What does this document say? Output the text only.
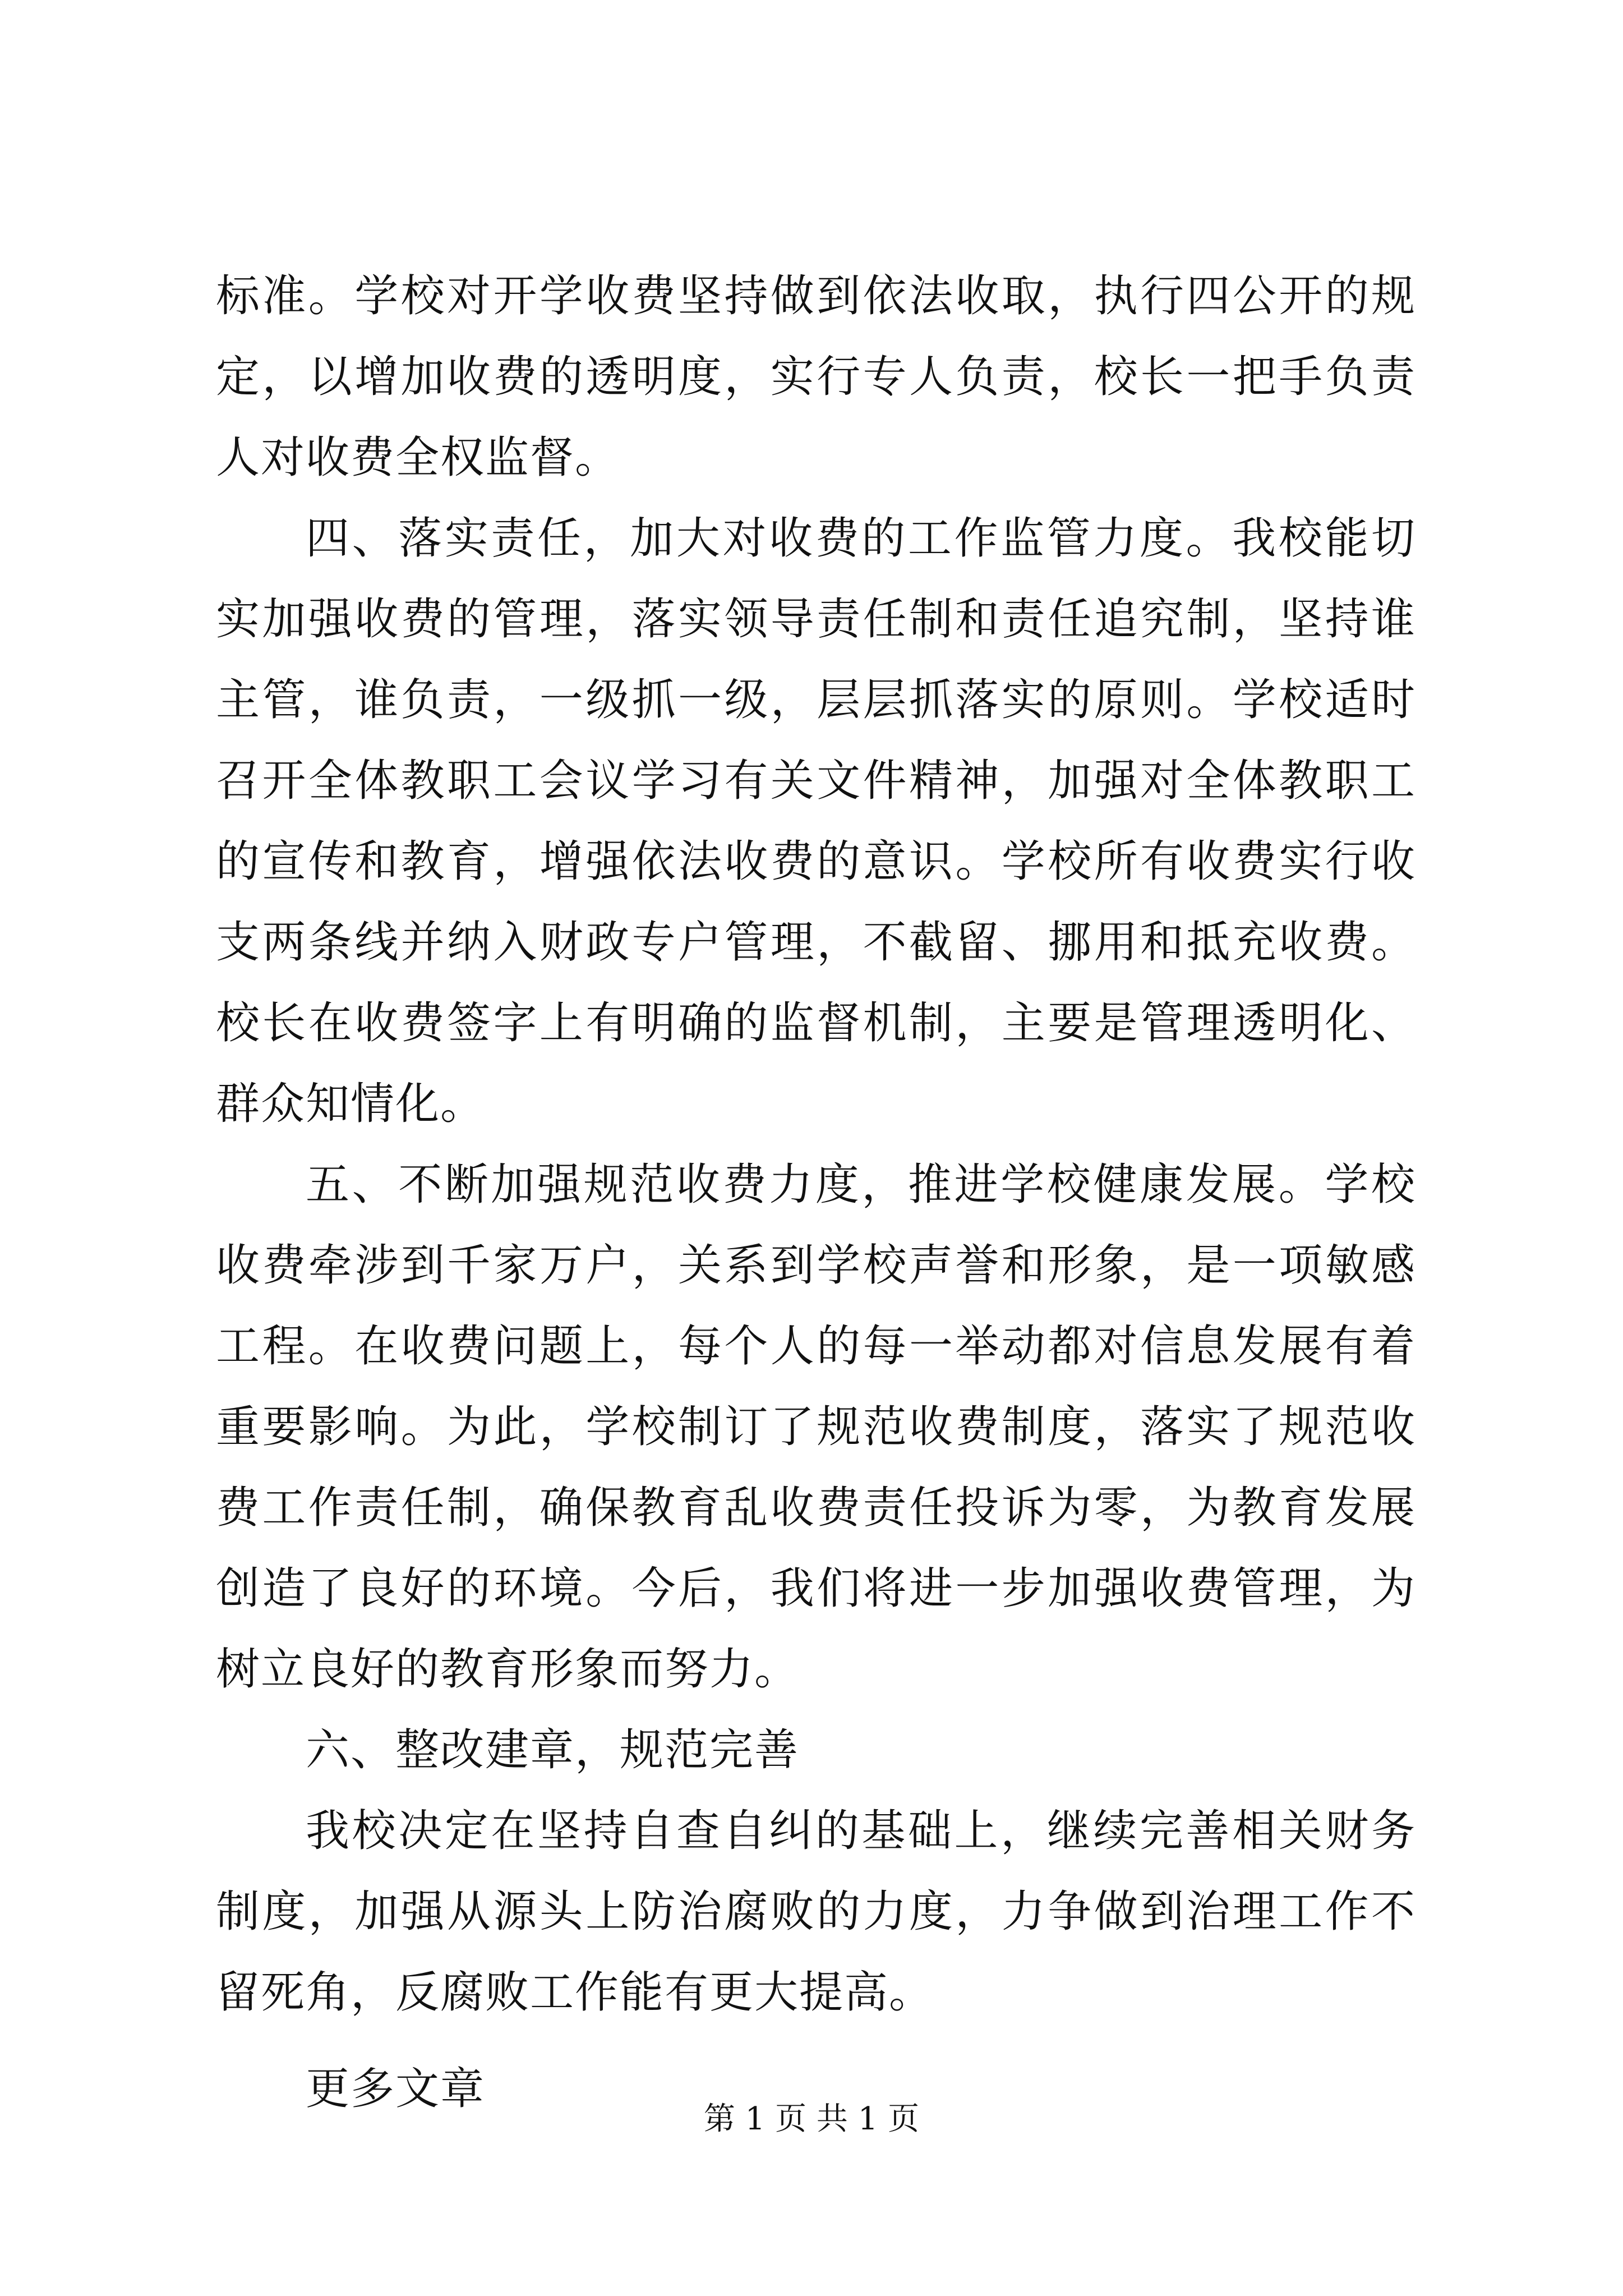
标准。学校对开学收费坚持做到依法收取，执行四公开的规定，以增加收费的透明度，实行专人负责，校长一把手负责人对收费全权监督。

四、落实责任，加大对收费的工作监管力度。我校能切实加强收费的管理，落实领导责任制和责任追究制，坚持谁主管，谁负责，一级抓一级，层层抓落实的原则。学校适时召开全体教职工会议学习有关文件精神，加强对全体教职工的宣传和教育，增强依法收费的意识。学校所有收费实行收支两条线并纳入财政专户管理，不截留、挪用和抵充收费。校长在收费签字上有明确的监督机制，主要是管理透明化、群众知情化。

五、不断加强规范收费力度，推进学校健康发展。学校收费牵涉到千家万户，关系到学校声誉和形象，是一项敏感工程。在收费问题上，每个人的每一举动都对信息发展有着重要影响。为此，学校制订了规范收费制度，落实了规范收费工作责任制，确保教育乱收费责任投诉为零，为教育发展创造了良好的环境。今后，我们将进一步加强收费管理，为树立良好的教育形象而努力。

六、整改建章，规范完善

我校决定在坚持自查自纠的基础上，继续完善相关财务制度，加强从源头上防治腐败的力度，力争做到治理工作不留死角，反腐败工作能有更大提高。

更多文章

第 1 页 共 1 页
